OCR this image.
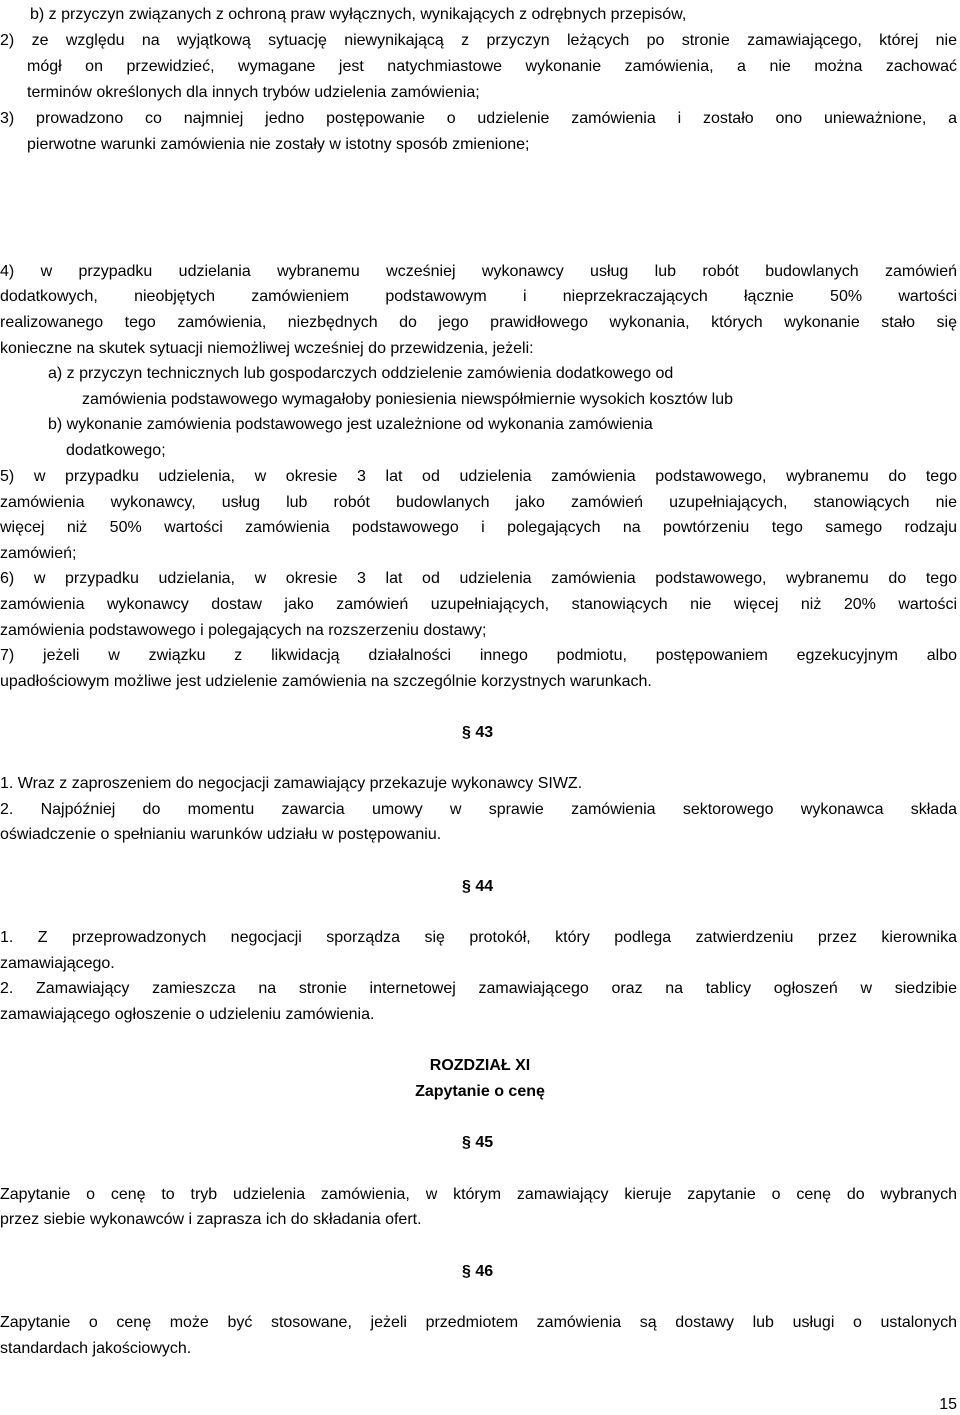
b) z przyczyn związanych z ochroną praw wyłącznych, wynikających z odrębnych przepisów,
2) ze względu na wyjątkową sytuację niewynikającą z przyczyn leżących po stronie zamawiającego, której nie
mógł on przewidzieć, wymagane jest natychmiastowe wykonanie zamówienia, a nie można zachować
terminów określonych dla innych trybów udzielenia zamówienia;
3) prowadzono co najmniej jedno postępowanie o udzielenie zamówienia i zostało ono unieważnione, a
pierwotne warunki zamówienia nie zostały w istotny sposób zmienione;
4) w przypadku udzielania wybranemu wcześniej wykonawcy usług lub robót budowlanych zamówień
dodatkowych, nieobjętych zamówieniem podstawowym i nieprzekraczających łącznie 50% wartości
realizowanego tego zamówienia, niezbędnych do jego prawidłowego wykonania, których wykonanie stało się
konieczne na skutek sytuacji niemożliwej wcześniej do przewidzenia, jeżeli:
a) z przyczyn technicznych lub gospodarczych oddzielenie zamówienia dodatkowego od
zamówienia podstawowego wymagałoby poniesienia niewspółmiernie wysokich kosztów lub
b) wykonanie zamówienia podstawowego jest uzależnione od wykonania zamówienia
dodatkowego;
5) w przypadku udzielenia, w okresie 3 lat od udzielenia zamówienia podstawowego, wybranemu do tego
zamówienia wykonawcy, usług lub robót budowlanych jako zamówień uzupełniających, stanowiących nie
więcej niż 50% wartości zamówienia podstawowego i polegających na powtórzeniu tego samego rodzaju
zamówień;
6) w przypadku udzielania, w okresie 3 lat od udzielenia zamówienia podstawowego, wybranemu do tego
zamówienia wykonawcy dostaw jako zamówień uzupełniających, stanowiących nie więcej niż 20% wartości
zamówienia podstawowego i polegających na rozszerzeniu dostawy;
7) jeżeli w związku z likwidacją działalności innego podmiotu, postępowaniem egzekucyjnym albo
upadłościowym możliwe jest udzielenie zamówienia na szczególnie korzystnych warunkach.
§ 43
1. Wraz z zaproszeniem do negocjacji zamawiający przekazuje wykonawcy SIWZ.
2. Najpóźniej do momentu zawarcia umowy w sprawie zamówienia sektorowego wykonawca składa
oświadczenie o spełnianiu warunków udziału w postępowaniu.
§ 44
1. Z przeprowadzonych negocjacji sporządza się protokół, który podlega zatwierdzeniu przez kierownika
zamawiającego.
2. Zamawiający zamieszcza na stronie internetowej zamawiającego oraz na tablicy ogłoszeń w siedzibie
zamawiającego ogłoszenie o udzieleniu zamówienia.
ROZDZIAŁ XI
Zapytanie o cenę
§ 45
Zapytanie o cenę to tryb udzielenia zamówienia, w którym zamawiający kieruje zapytanie o cenę do wybranych
przez siebie wykonawców i zaprasza ich do składania ofert.
§ 46
Zapytanie o cenę może być stosowane, jeżeli przedmiotem zamówienia są dostawy lub usługi o ustalonych
standardach jakościowych.
15
